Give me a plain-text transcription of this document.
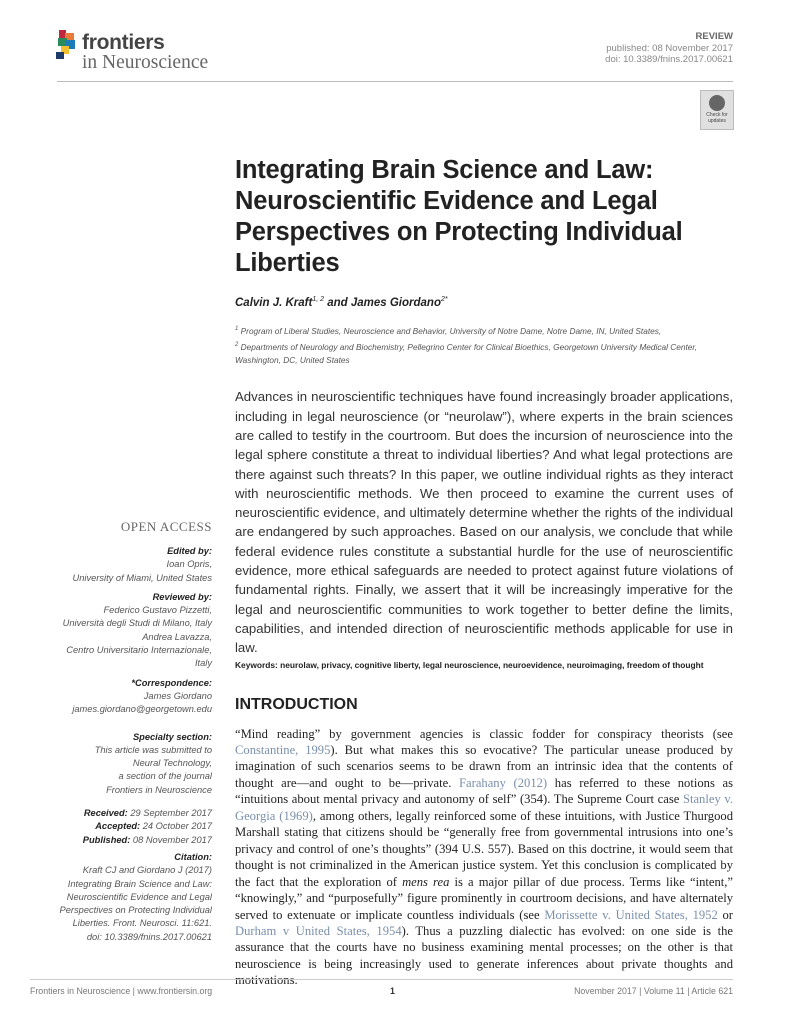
frontiers
in Neuroscience
REVIEW
published: 08 November 2017
doi: 10.3389/fnins.2017.00621
Check for updates
Integrating Brain Science and Law: Neuroscientific Evidence and Legal Perspectives on Protecting Individual Liberties
Calvin J. Kraft$^{1, 2}$ and James Giordano$^{2*}$
$^1$ Program of Liberal Studies, Neuroscience and Behavior, University of Notre Dame, Notre Dame, IN, United States,
$^2$ Departments of Neurology and Biochemistry, Pellegrino Center for Clinical Bioethics, Georgetown University Medical Center, Washington, DC, United States

Advances in neuroscientific techniques have found increasingly broader applications, including in legal neuroscience (or “neurolaw”), where experts in the brain sciences are called to testify in the courtroom. But does the incursion of neuroscience into the legal sphere constitute a threat to individual liberties? And what legal protections are there against such threats? In this paper, we outline individual rights as they interact with neuroscientific methods. We then proceed to examine the current uses of neuroscientific evidence, and ultimately determine whether the rights of the individual are endangered by such approaches. Based on our analysis, we conclude that while federal evidence rules constitute a substantial hurdle for the use of neuroscientific evidence, more ethical safeguards are needed to protect against future violations of fundamental rights. Finally, we assert that it will be increasingly imperative for the legal and neuroscientific communities to work together to better define the limits, capabilities, and intended direction of neuroscientific methods applicable for use in law.

Keywords: neurolaw, privacy, cognitive liberty, legal neuroscience, neuroevidence, neuroimaging, freedom of thought

INTRODUCTION

“Mind reading” by government agencies is classic fodder for conspiracy theorists (see Constantine, 1995). But what makes this so evocative? The particular unease produced by imagination of such scenarios seems to be drawn from an intrinsic idea that the contents of thought are—and ought to be—private. Farahany (2012) has referred to these notions as “intuitions about mental privacy and autonomy of self” (354). The Supreme Court case Stanley v. Georgia (1969), among others, legally reinforced some of these intuitions, with Justice Thurgood Marshall stating that citizens should be “generally free from governmental intrusions into one’s privacy and control of one’s thoughts” (394 U.S. 557). Based on this doctrine, it would seem that thought is not criminalized in the American justice system. Yet this conclusion is complicated by the fact that the exploration of mens rea is a major pillar of due process. Terms like “intent,” “knowingly,” and “purposefully” figure prominently in courtroom decisions, and have alternately served to extenuate or implicate countless individuals (see Morissette v. United States, 1952 or Durham v United States, 1954). Thus a puzzling dialectic has evolved: on one side is the assurance that the courts have no business examining mental processes; on the other is that neuroscience is being increasingly used to generate inferences about private thoughts and motivations.

OPEN ACCESS
Edited by:
Ioan Opris,
University of Miami, United States
Reviewed by:
Federico Gustavo Pizzetti,
Università degli Studi di Milano, Italy
Andrea Lavazza,
Centro Universitario Internazionale,
Italy
*Correspondence:
James Giordano
james.giordano@georgetown.edu
Specialty section:
This article was submitted to
Neural Technology,
a section of the journal
Frontiers in Neuroscience
Received: 29 September 2017
Accepted: 24 October 2017
Published: 08 November 2017
Citation:
Kraft CJ and Giordano J (2017)
Integrating Brain Science and Law:
Neuroscientific Evidence and Legal
Perspectives on Protecting Individual
Liberties. Front. Neurosci. 11:621.
doi: 10.3389/fnins.2017.00621
Frontiers in Neuroscience | www.frontiersin.org	1	November 2017 | Volume 11 | Article 621
